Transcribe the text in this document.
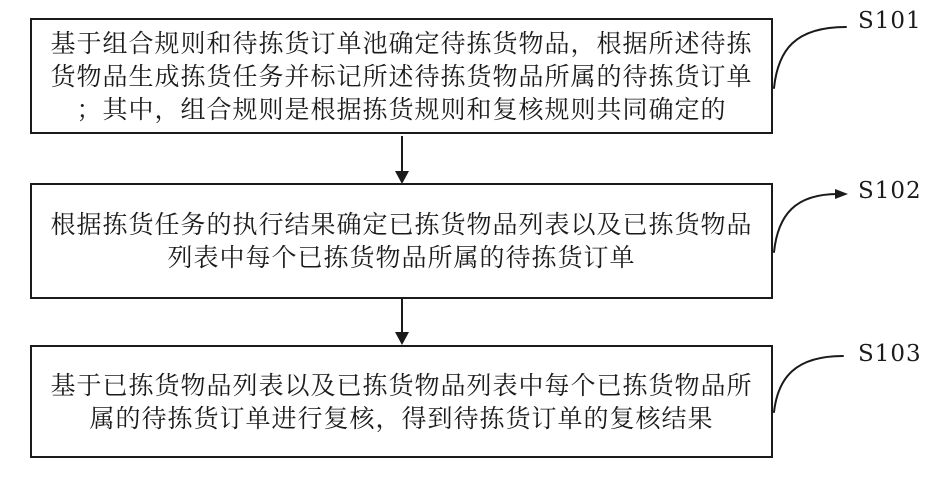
基于组合规则和待拣货订单池确定待拣货物品，根据所述待拣
货物品生成拣货任务并标记所述待拣货物品所属的待拣货订单
；其中，组合规则是根据拣货规则和复核规则共同确定的
根据拣货任务的执行结果确定已拣货物品列表以及已拣货物品
列表中每个已拣货物品所属的待拣货订单
基于已拣货物品列表以及已拣货物品列表中每个已拣货物品所
属的待拣货订单进行复核，得到待拣货订单的复核结果
S101
S102
S103
